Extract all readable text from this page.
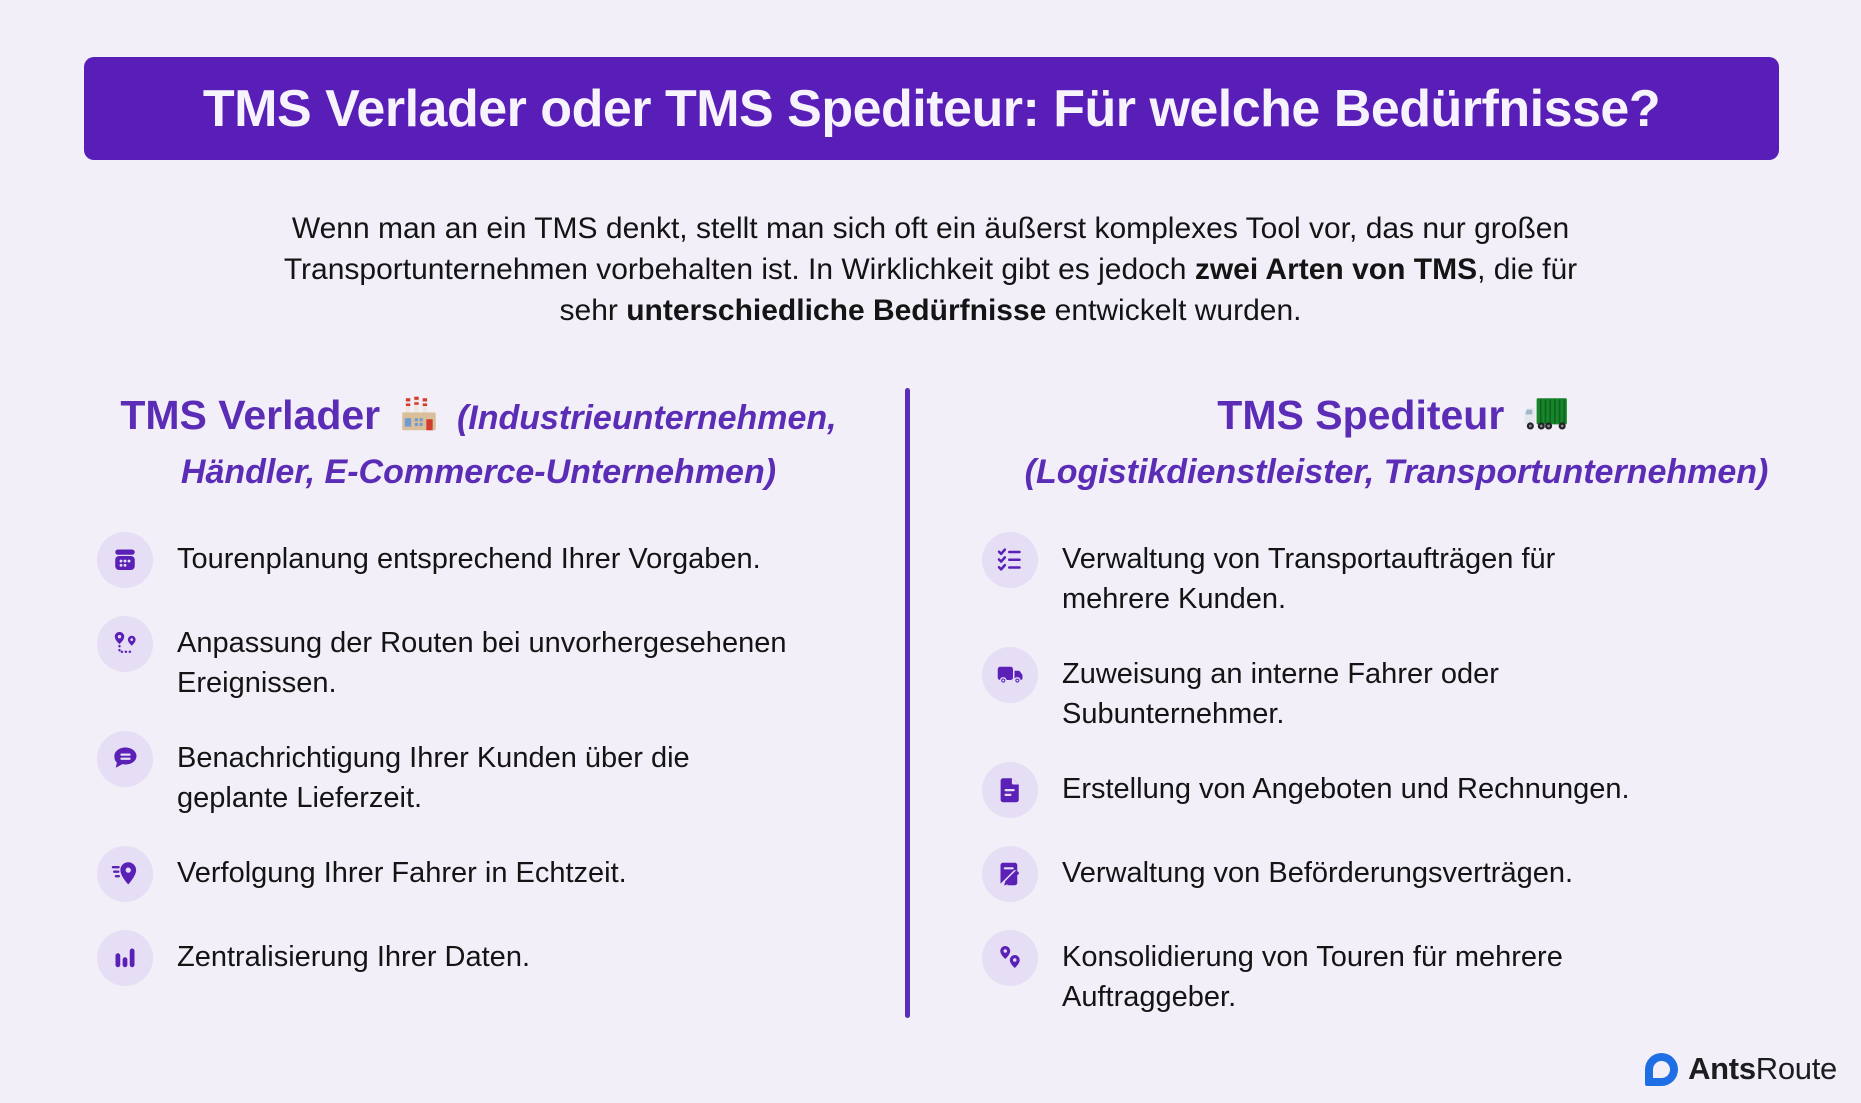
TMS Verlader oder TMS Spediteur: Für welche Bedürfnisse?

Wenn man an ein TMS denkt, stellt man sich oft ein äußerst komplexes Tool vor, das nur großen Transportunternehmen vorbehalten ist. In Wirklichkeit gibt es jedoch zwei Arten von TMS, die für sehr unterschiedliche Bedürfnisse entwickelt wurden.

TMS Verlader (Industrieunternehmen, Händler, E-Commerce-Unternehmen)
Tourenplanung entsprechend Ihrer Vorgaben.
Anpassung der Routen bei unvorhergesehenen Ereignissen.
Benachrichtigung Ihrer Kunden über die geplante Lieferzeit.
Verfolgung Ihrer Fahrer in Echtzeit.
Zentralisierung Ihrer Daten.
TMS Spediteur
(Logistikdienstleister, Transportunternehmen)
Verwaltung von Transportaufträgen für mehrere Kunden.
Zuweisung an interne Fahrer oder Subunternehmer.
Erstellung von Angeboten und Rechnungen.
Verwaltung von Beförderungsverträgen.
Konsolidierung von Touren für mehrere Auftraggeber.
AntsRoute
